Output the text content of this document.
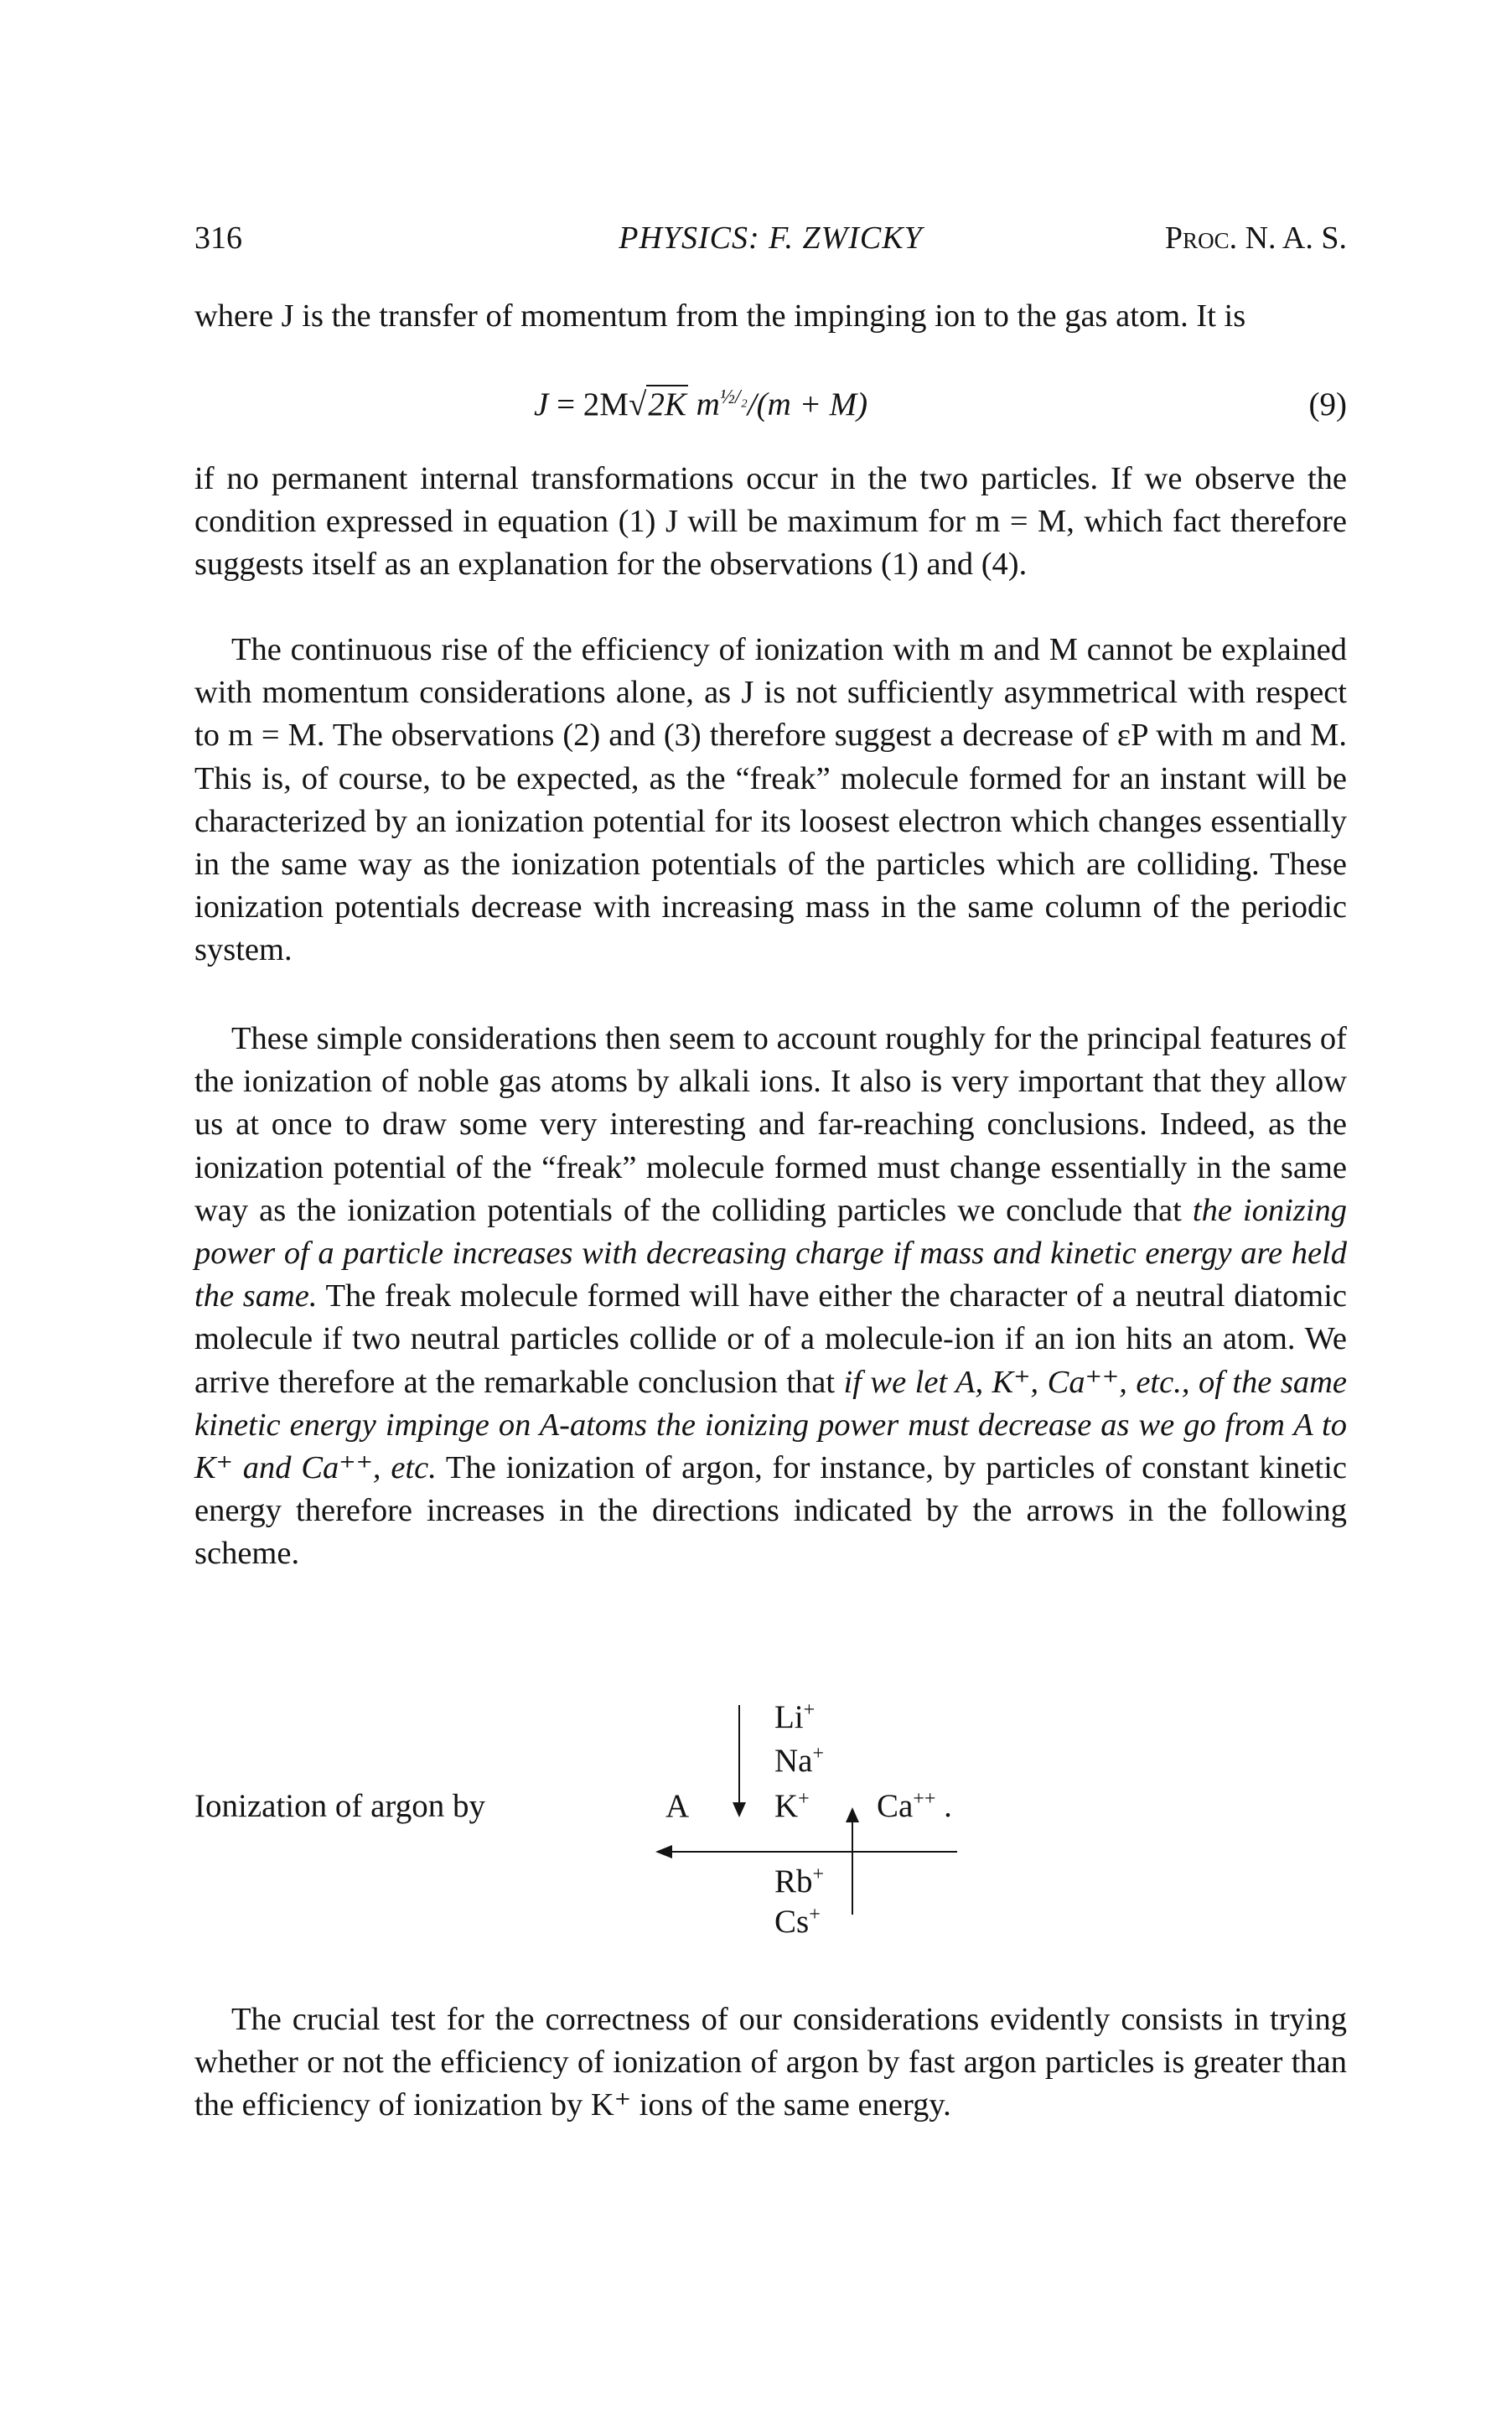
316	PHYSICS: F. ZWICKY	Proc. N. A. S.

where J is the transfer of momentum from the impinging ion to the gas atom. It is

J = 2M√2K $m^{\frac{1}{2}/_2}/(m + M)$	(9)

if no permanent internal transformations occur in the two particles. If we observe the condition expressed in equation (1) J will be maximum for m = M, which fact therefore suggests itself as an explanation for the observations (1) and (4).

The continuous rise of the efficiency of ionization with m and M cannot be explained with momentum considerations alone, as J is not sufficiently asymmetrical with respect to m = M. The observations (2) and (3) therefore suggest a decrease of εP with m and M. This is, of course, to be expected, as the “freak” molecule formed for an instant will be characterized by an ionization potential for its loosest electron which changes essentially in the same way as the ionization potentials of the particles which are colliding. These ionization potentials decrease with increasing mass in the same column of the periodic system.

These simple considerations then seem to account roughly for the principal features of the ionization of noble gas atoms by alkali ions. It also is very important that they allow us at once to draw some very interesting and far-reaching conclusions. Indeed, as the ionization potential of the “freak” molecule formed must change essentially in the same way as the ionization potentials of the colliding particles we conclude that the ionizing power of a particle increases with decreasing charge if mass and kinetic energy are held the same. The freak molecule formed will have either the character of a neutral diatomic molecule if two neutral particles collide or of a molecule-ion if an ion hits an atom. We arrive therefore at the remarkable conclusion that if we let A, K⁺, Ca⁺⁺, etc., of the same kinetic energy impinge on A-atoms the ionizing power must decrease as we go from A to K⁺ and Ca⁺⁺, etc. The ionization of argon, for instance, by particles of constant kinetic energy therefore increases in the directions indicated by the arrows in the following scheme.

Ionization of argon by	A
Li+
Na+
K+ Ca++ .
Rb+
Cs+

The crucial test for the correctness of our considerations evidently consists in trying whether or not the efficiency of ionization of argon by fast argon particles is greater than the efficiency of ionization by K⁺ ions of the same energy.
